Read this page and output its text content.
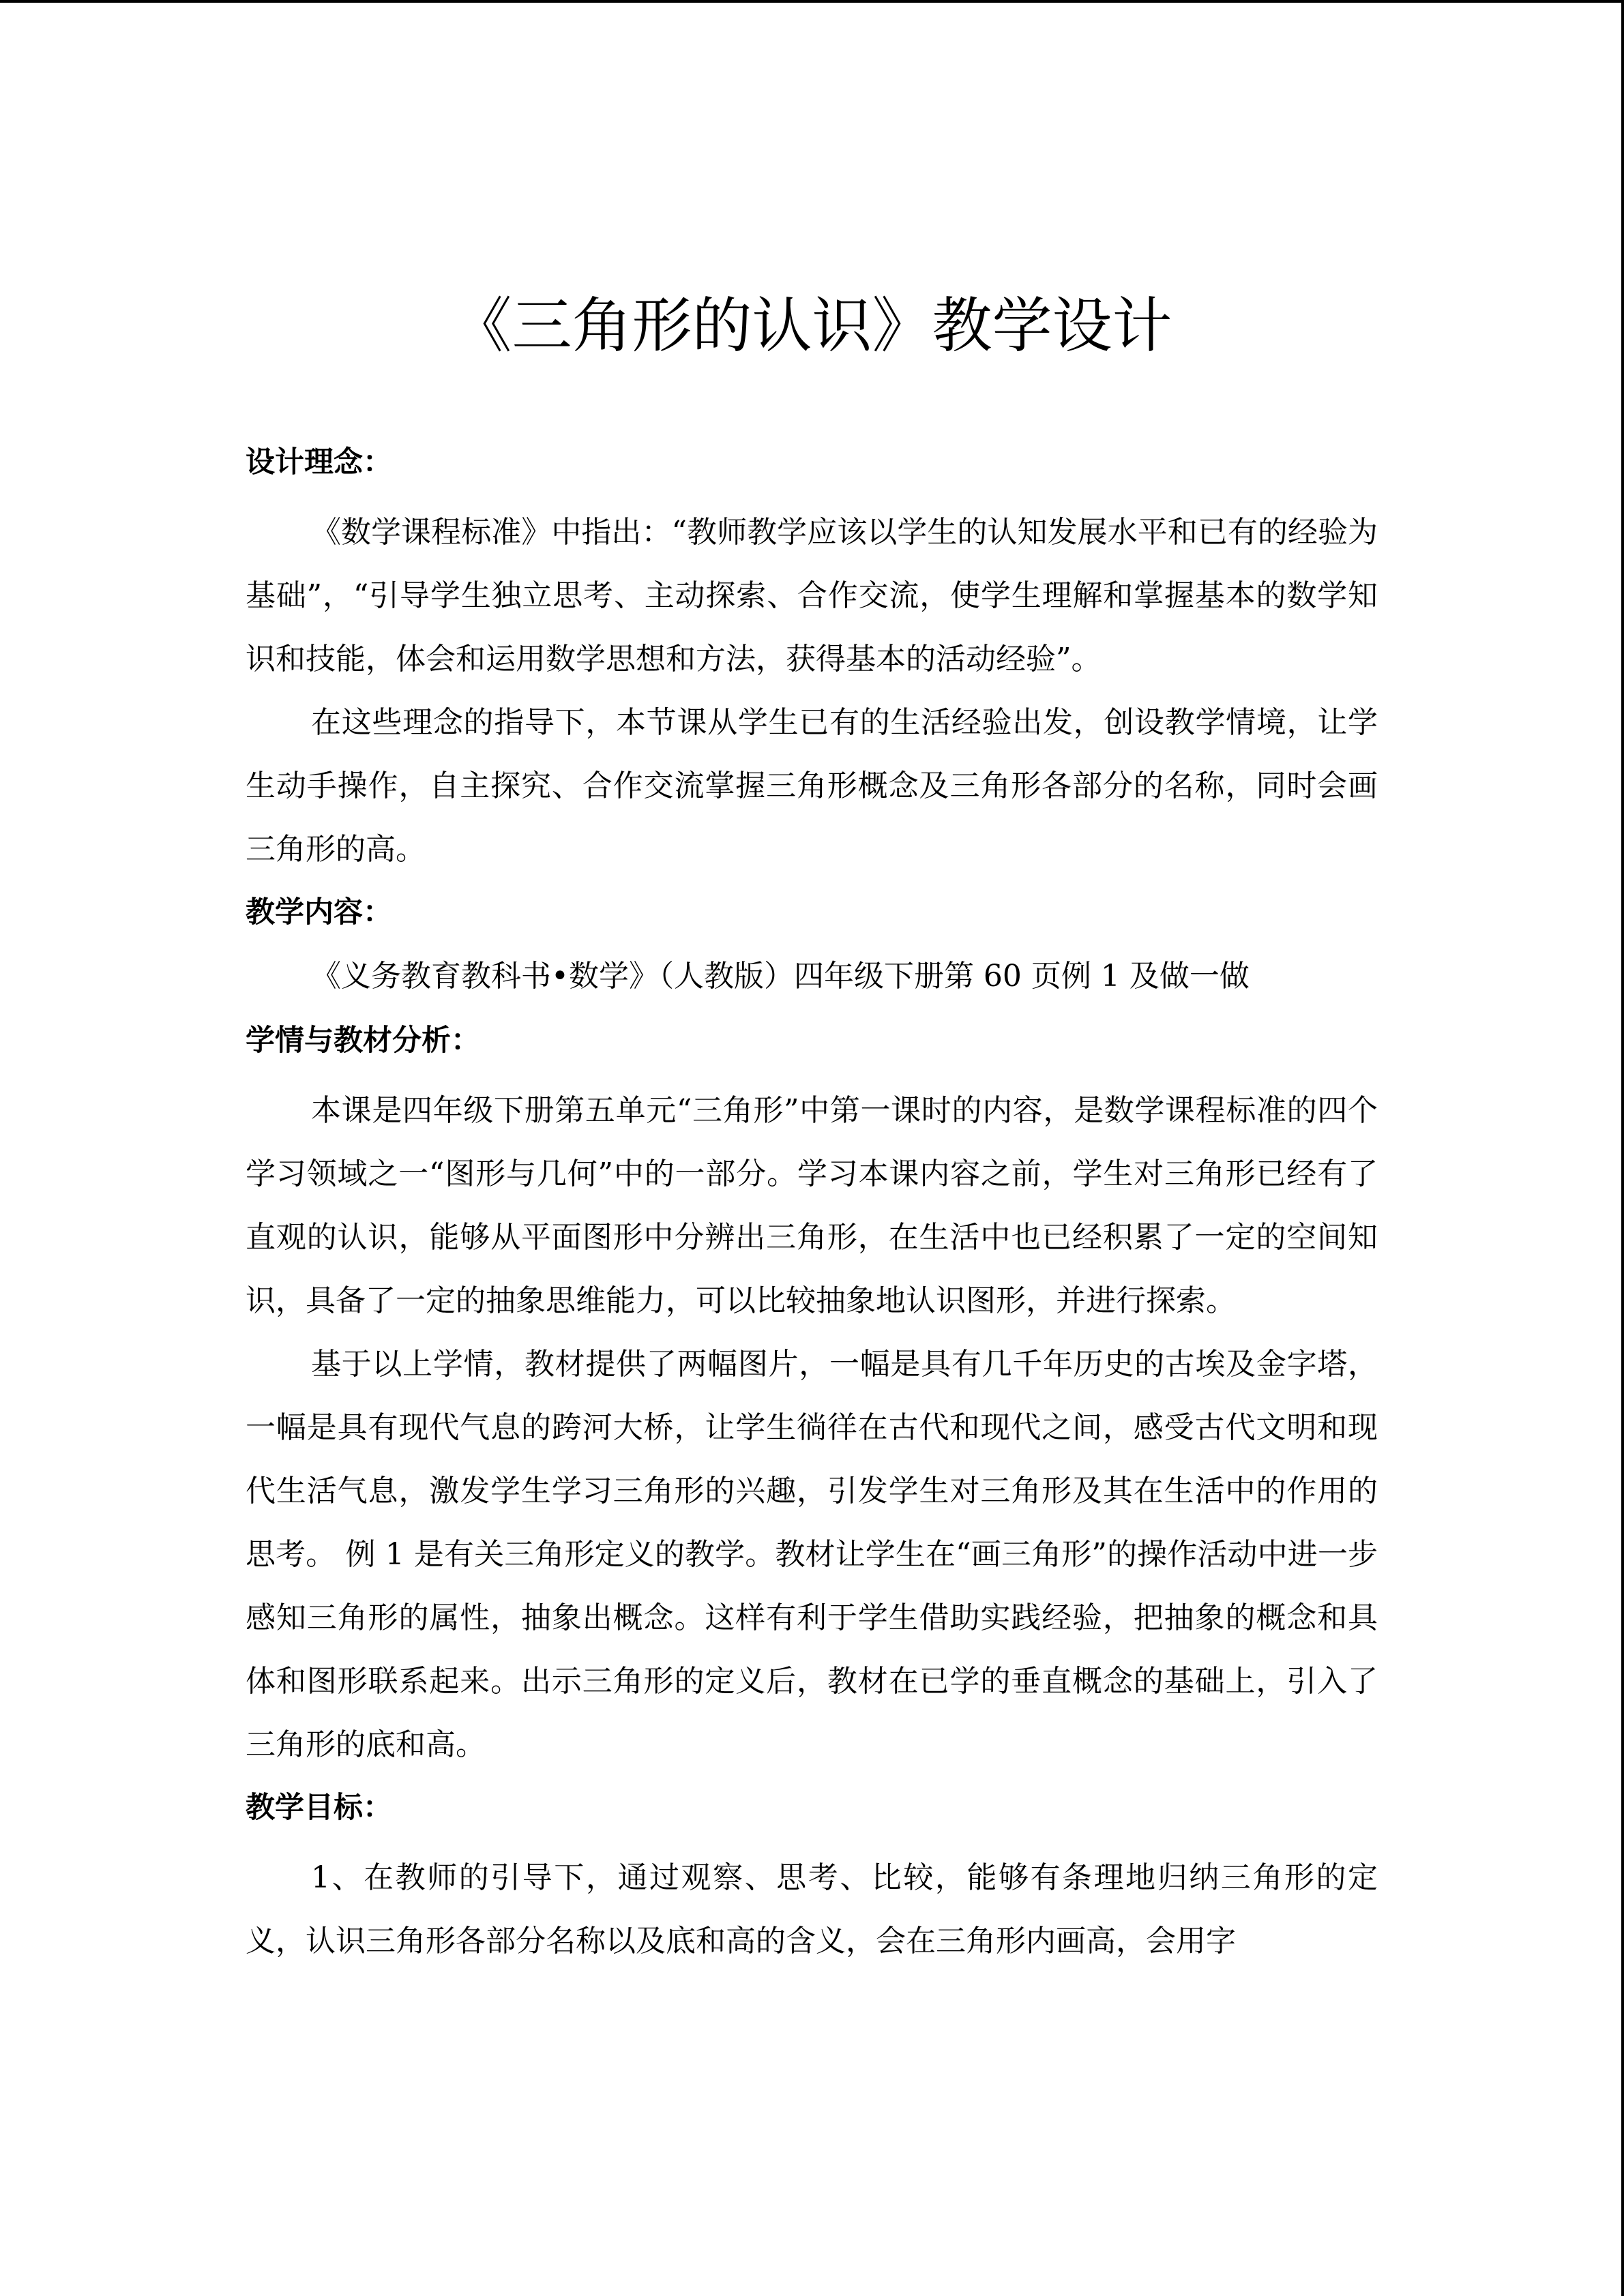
《三角形的认识》教学设计

设计理念：

《数学课程标准》中指出：“教师教学应该以学生的认知发展水平和已有的经验为基础”，“引导学生独立思考、主动探索、合作交流，使学生理解和掌握基本的数学知识和技能，体会和运用数学思想和方法，获得基本的活动经验”。

在这些理念的指导下，本节课从学生已有的生活经验出发，创设教学情境，让学生动手操作，自主探究、合作交流掌握三角形概念及三角形各部分的名称，同时会画三角形的高。

教学内容：

《义务教育教科书•数学》（人教版）四年级下册第 60 页例 1 及做一做

学情与教材分析：

本课是四年级下册第五单元“三角形”中第一课时的内容，是数学课程标准的四个学习领域之一“图形与几何”中的一部分。学习本课内容之前，学生对三角形已经有了直观的认识，能够从平面图形中分辨出三角形，在生活中也已经积累了一定的空间知识，具备了一定的抽象思维能力，可以比较抽象地认识图形，并进行探索。

基于以上学情，教材提供了两幅图片，一幅是具有几千年历史的古埃及金字塔，一幅是具有现代气息的跨河大桥，让学生徜徉在古代和现代之间，感受古代文明和现代生活气息，激发学生学习三角形的兴趣，引发学生对三角形及其在生活中的作用的思考。 例 1 是有关三角形定义的教学。教材让学生在“画三角形”的操作活动中进一步感知三角形的属性，抽象出概念。这样有利于学生借助实践经验，把抽象的概念和具体和图形联系起来。出示三角形的定义后，教材在已学的垂直概念的基础上，引入了三角形的底和高。

教学目标：

1、在教师的引导下，通过观察、思考、比较，能够有条理地归纳三角形的定义，认识三角形各部分名称以及底和高的含义，会在三角形内画高，会用字
